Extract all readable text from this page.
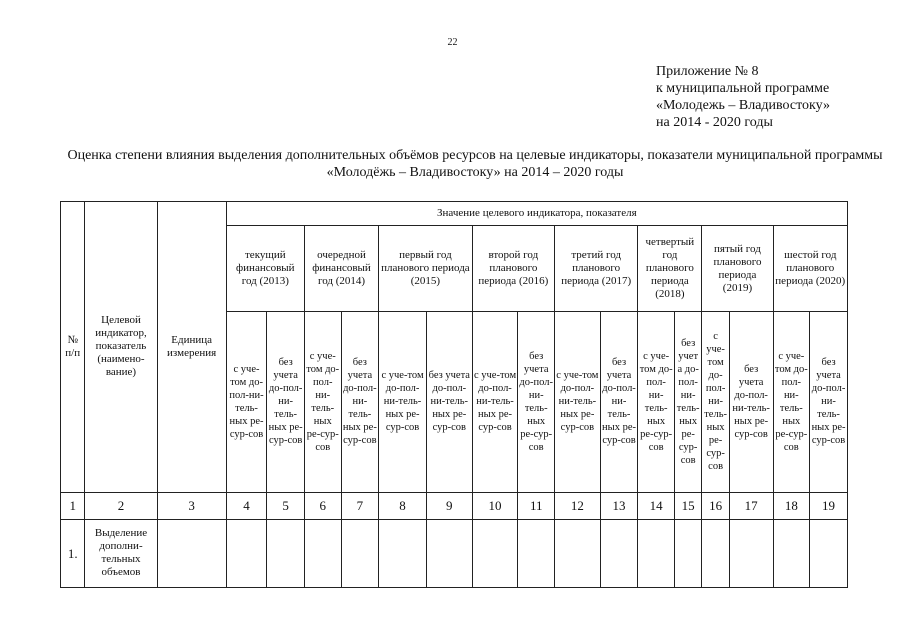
22
Приложение № 8
к муниципальной программе
«Молодежь – Владивостоку»
на 2014 - 2020 годы
Оценка степени влияния выделения дополнительных объёмов ресурсов на целевые индикаторы, показатели муниципальной программы «Молодёжь – Владивостоку» на 2014 – 2020 годы
№ п/п	Целевой индикатор, показатель (наимено-вание)	Единица измерения	Значение целевого индикатора, показателя															
			текущий финансовый год (2013)		очередной финансовый год (2014)		первый год планового периода (2015)		второй год планового периода (2016)		третий год планового периода (2017)		четвертый год планового периода (2018)		пятый год планового периода (2019)		шестой год планового периода (2020)	
			с уче-том до-пол-ни-тель-ных ре-сур-сов	без учета до-пол-ни-тель-ных ре-сур-сов	с уче-том до-пол-ни-тель-ных ре-сур-сов	без учета до-пол-ни-тель-ных ре-сур-сов	с уче-том до-пол-ни-тель-ных ре-сур-сов	без учета до-пол-ни-тель-ных ре-сур-сов	с уче-том до-пол-ни-тель-ных ре-сур-сов	без учета до-пол-ни-тель-ных ре-сур-сов	с уче-том до-пол-ни-тель-ных ре-сур-сов	без учета до-пол-ни-тель-ных ре-сур-сов	с уче-том до-пол-ни-тель-ных ре-сур-сов	без учета до-пол-ни-тель-ных ре-сур-сов	с уче-том до-пол-ни-тель-ных ре-сур-сов	без учета до-пол-ни-тель-ных ре-сур-сов	с уче-том до-пол-ни-тель-ных ре-сур-сов	без учета до-пол-ни-тель-ных ре-сур-сов
1	2	3	4	5	6	7	8	9	10	11	12	13	14	15	16	17	18	19
1.	Выделение дополни-тельных объемов																	
